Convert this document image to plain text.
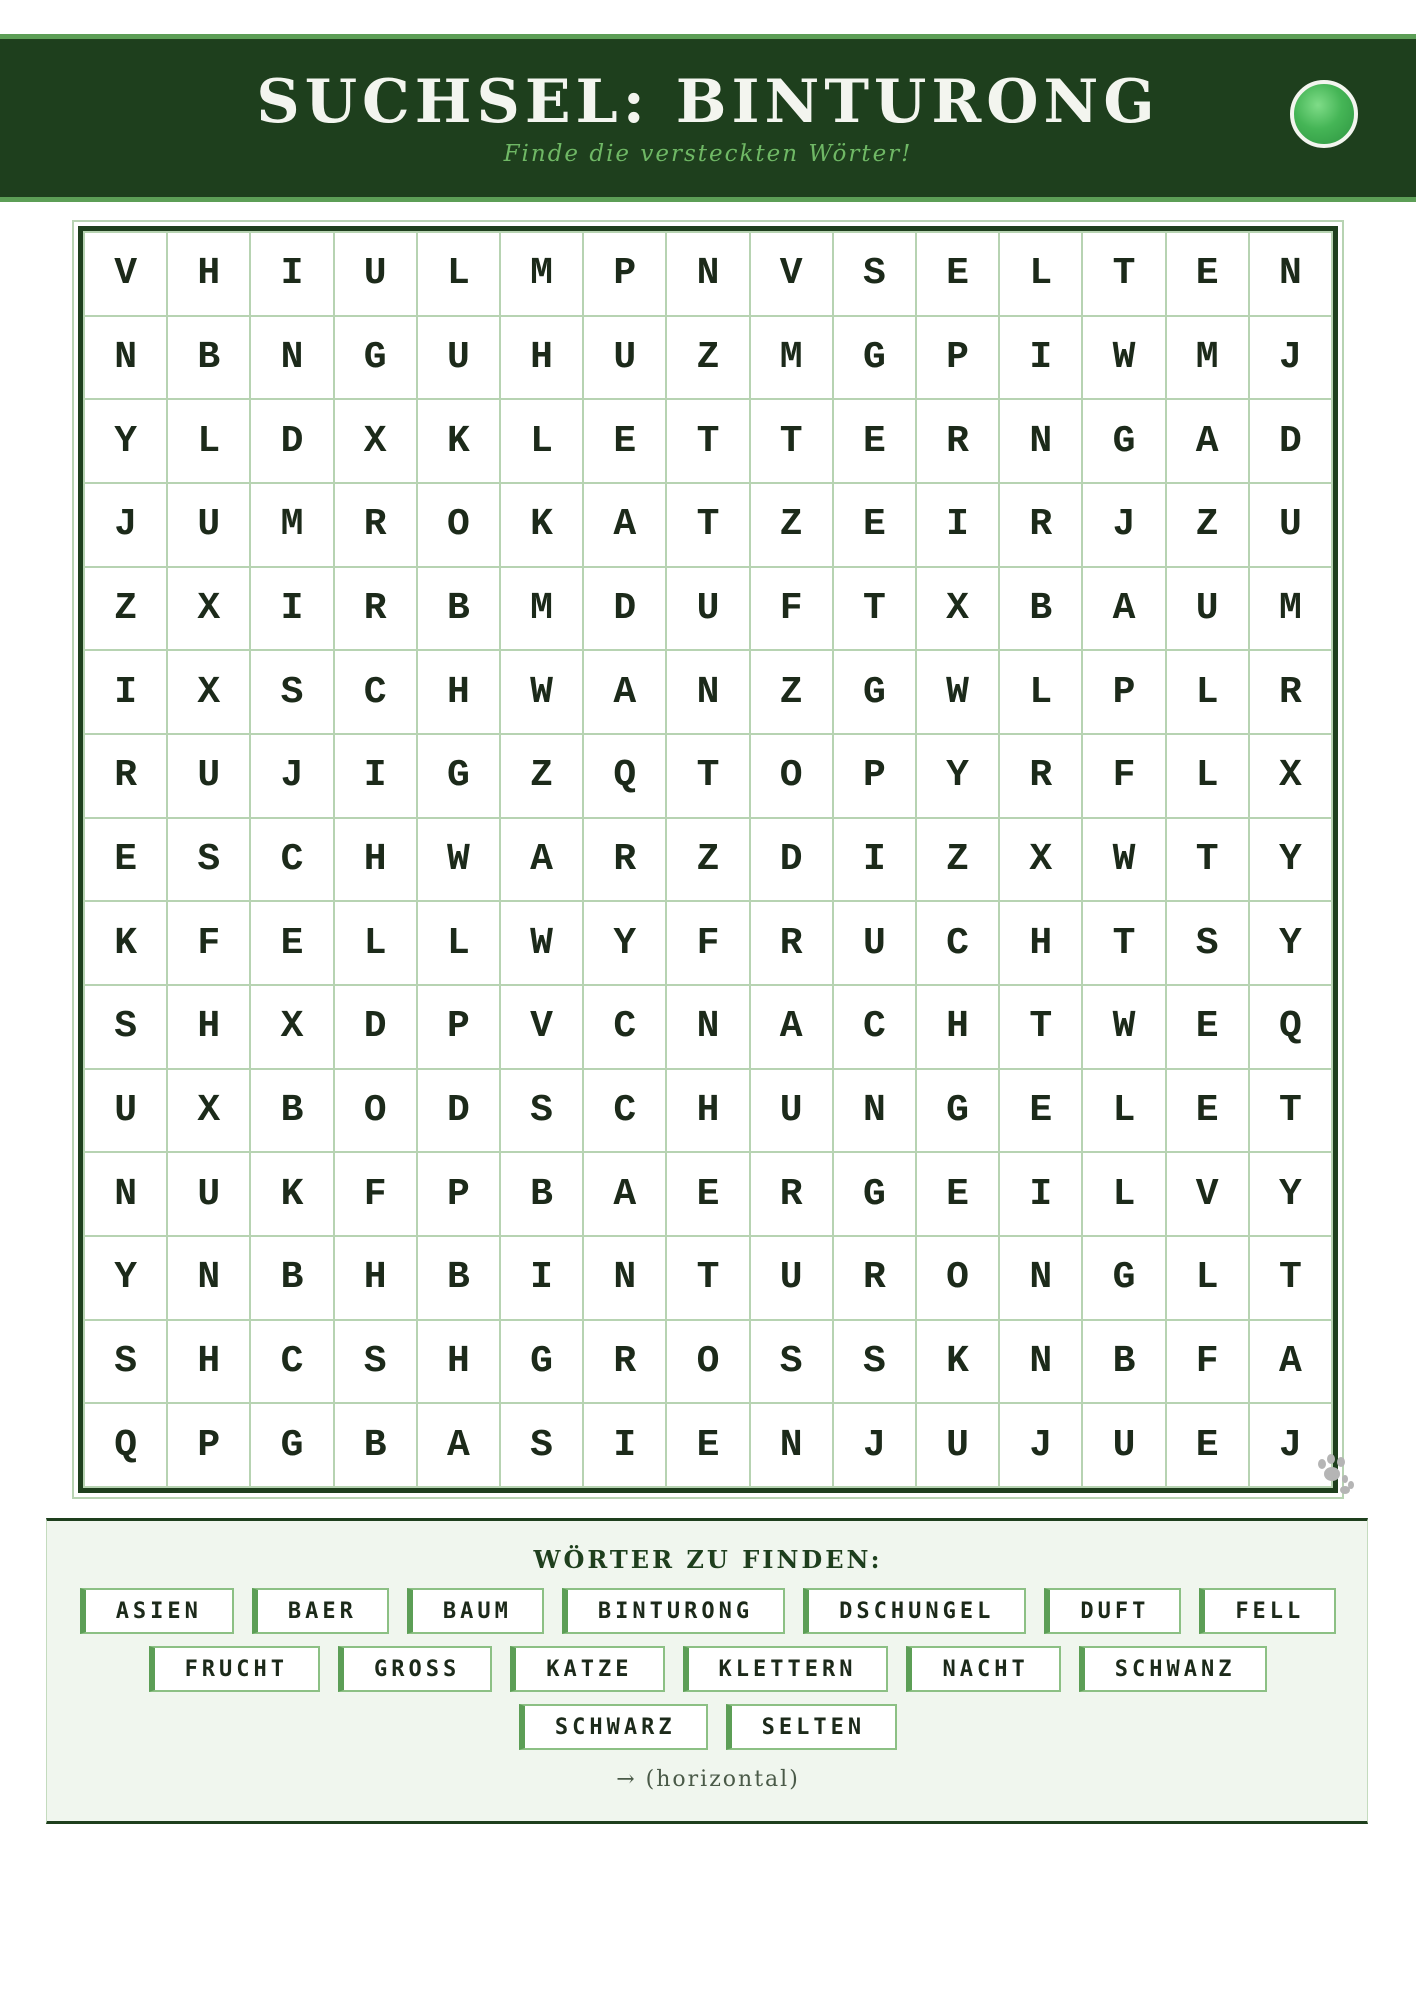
SUCHSEL: BINTURONG
Finde die versteckten Wörter!
V	H	I	U	L	M	P	N	V	S	E	L	T	E	N
N	B	N	G	U	H	U	Z	M	G	P	I	W	M	J
Y	L	D	X	K	L	E	T	T	E	R	N	G	A	D
J	U	M	R	O	K	A	T	Z	E	I	R	J	Z	U
Z	X	I	R	B	M	D	U	F	T	X	B	A	U	M
I	X	S	C	H	W	A	N	Z	G	W	L	P	L	R
R	U	J	I	G	Z	Q	T	O	P	Y	R	F	L	X
E	S	C	H	W	A	R	Z	D	I	Z	X	W	T	Y
K	F	E	L	L	W	Y	F	R	U	C	H	T	S	Y
S	H	X	D	P	V	C	N	A	C	H	T	W	E	Q
U	X	B	O	D	S	C	H	U	N	G	E	L	E	T
N	U	K	F	P	B	A	E	R	G	E	I	L	V	Y
Y	N	B	H	B	I	N	T	U	R	O	N	G	L	T
S	H	C	S	H	G	R	O	S	S	K	N	B	F	A
Q	P	G	B	A	S	I	E	N	J	U	J	U	E	J
WÖRTER ZU FINDEN:
ASIEN	BAER	BAUM	BINTURONG	DSCHUNGEL	DUFT	FELL
FRUCHT	GROSS	KATZE	KLETTERN	NACHT	SCHWANZ
SCHWARZ	SELTEN
→ (horizontal)
